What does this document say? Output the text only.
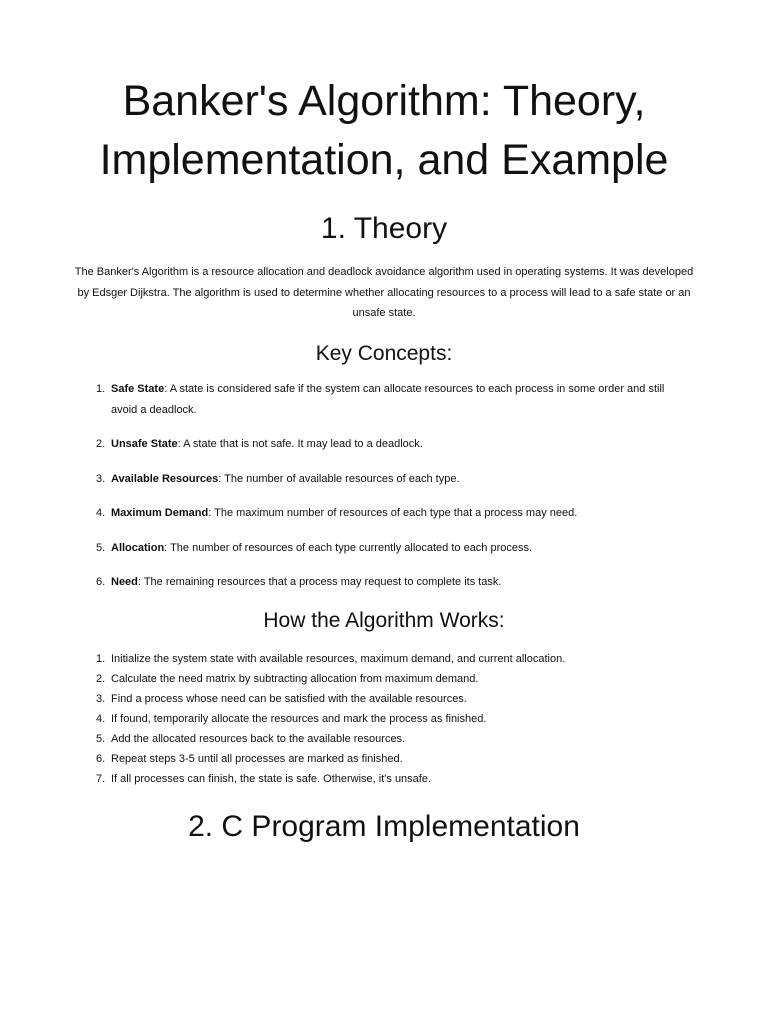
Banker's Algorithm: Theory, Implementation, and Example
1. Theory

The Banker's Algorithm is a resource allocation and deadlock avoidance algorithm used in operating systems. It was developed by Edsger Dijkstra. The algorithm is used to determine whether allocating resources to a process will lead to a safe state or an unsafe state.

Key Concepts:
1. Safe State: A state is considered safe if the system can allocate resources to each process in some order and still avoid a deadlock.
2. Unsafe State: A state that is not safe. It may lead to a deadlock.
3. Available Resources: The number of available resources of each type.
4. Maximum Demand: The maximum number of resources of each type that a process may need.
5. Allocation: The number of resources of each type currently allocated to each process.
6. Need: The remaining resources that a process may request to complete its task.
How the Algorithm Works:
1. Initialize the system state with available resources, maximum demand, and current allocation.
2. Calculate the need matrix by subtracting allocation from maximum demand.
3. Find a process whose need can be satisfied with the available resources.
4. If found, temporarily allocate the resources and mark the process as finished.
5. Add the allocated resources back to the available resources.
6. Repeat steps 3-5 until all processes are marked as finished.
7. If all processes can finish, the state is safe. Otherwise, it's unsafe.
2. C Program Implementation
